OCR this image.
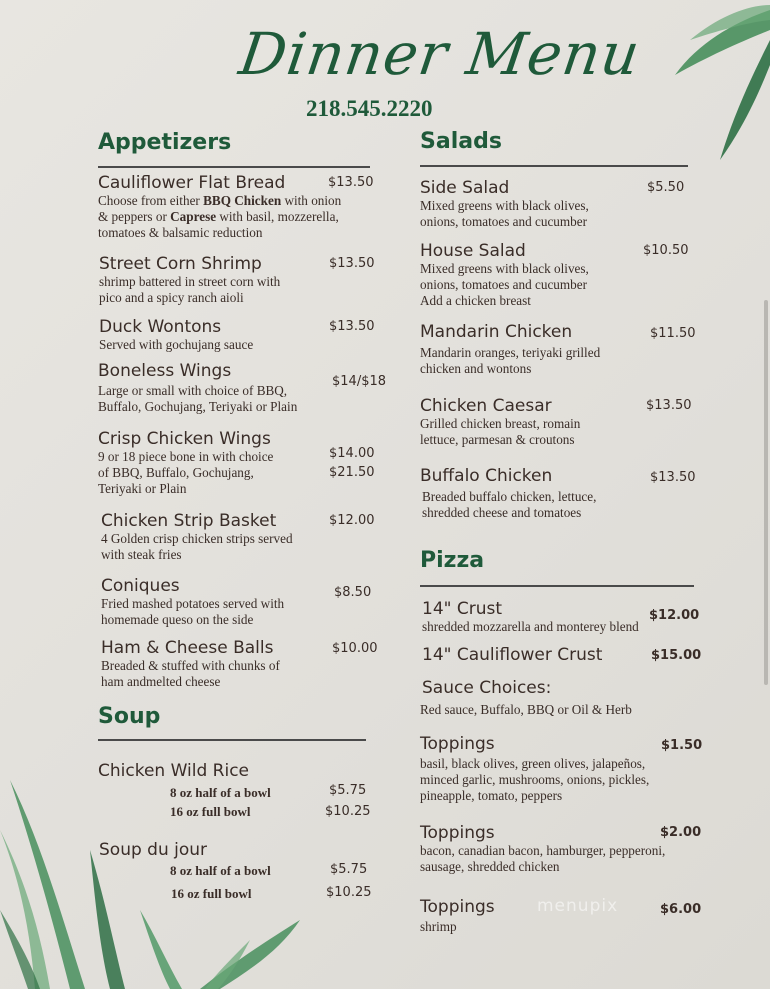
Dinner Menu
218.545.2220
Appetizers
Cauliflower Flat Bread
Choose from either BBQ Chicken with onion
& peppers or Caprese with basil, mozzerella,
tomatoes & balsamic reduction
$13.50
Street Corn Shrimp
shrimp battered in street corn with
pico and a spicy ranch aioli
$13.50
Duck Wontons
Served with gochujang sauce
$13.50
Boneless Wings
Large or small with choice of BBQ,
Buffalo, Gochujang, Teriyaki or Plain
$14/$18
Crisp Chicken Wings
9 or 18 piece bone in with choice
of BBQ, Buffalo, Gochujang,
Teriyaki or Plain
$14.00
$21.50
Chicken Strip Basket
4 Golden crisp chicken strips served
with steak fries
$12.00
Coniques
Fried mashed potatoes served with
homemade queso on the side
$8.50
Ham & Cheese Balls
Breaded & stuffed with chunks of
ham andmelted cheese
$10.00
Soup
Chicken Wild Rice
8 oz half of a bowl	$5.75
16 oz full bowl	$10.25
Soup du jour
8 oz half of a bowl	$5.75
16 oz full bowl	$10.25
Salads
Side Salad
Mixed greens with black olives,
onions, tomatoes and cucumber
$5.50
House Salad
Mixed greens with black olives,
onions, tomatoes and cucumber
Add a chicken breast
$10.50
Mandarin Chicken
Mandarin oranges, teriyaki grilled
chicken and wontons
$11.50
Chicken Caesar
Grilled chicken breast, romain
lettuce, parmesan & croutons
$13.50
Buffalo Chicken
Breaded buffalo chicken, lettuce,
shredded cheese and tomatoes
$13.50
Pizza
14" Crust
shredded mozzarella and monterey blend
$12.00
14" Cauliflower Crust	$15.00
Sauce Choices:
Red sauce, Buffalo, BBQ or Oil & Herb
Toppings
basil, black olives, green olives, jalapeños,
minced garlic, mushrooms, onions, pickles,
pineapple, tomato, peppers
$1.50
Toppings
bacon, canadian bacon, hamburger, pepperoni,
sausage, shredded chicken
$2.00
Toppings
shrimp
$6.00
menupix
